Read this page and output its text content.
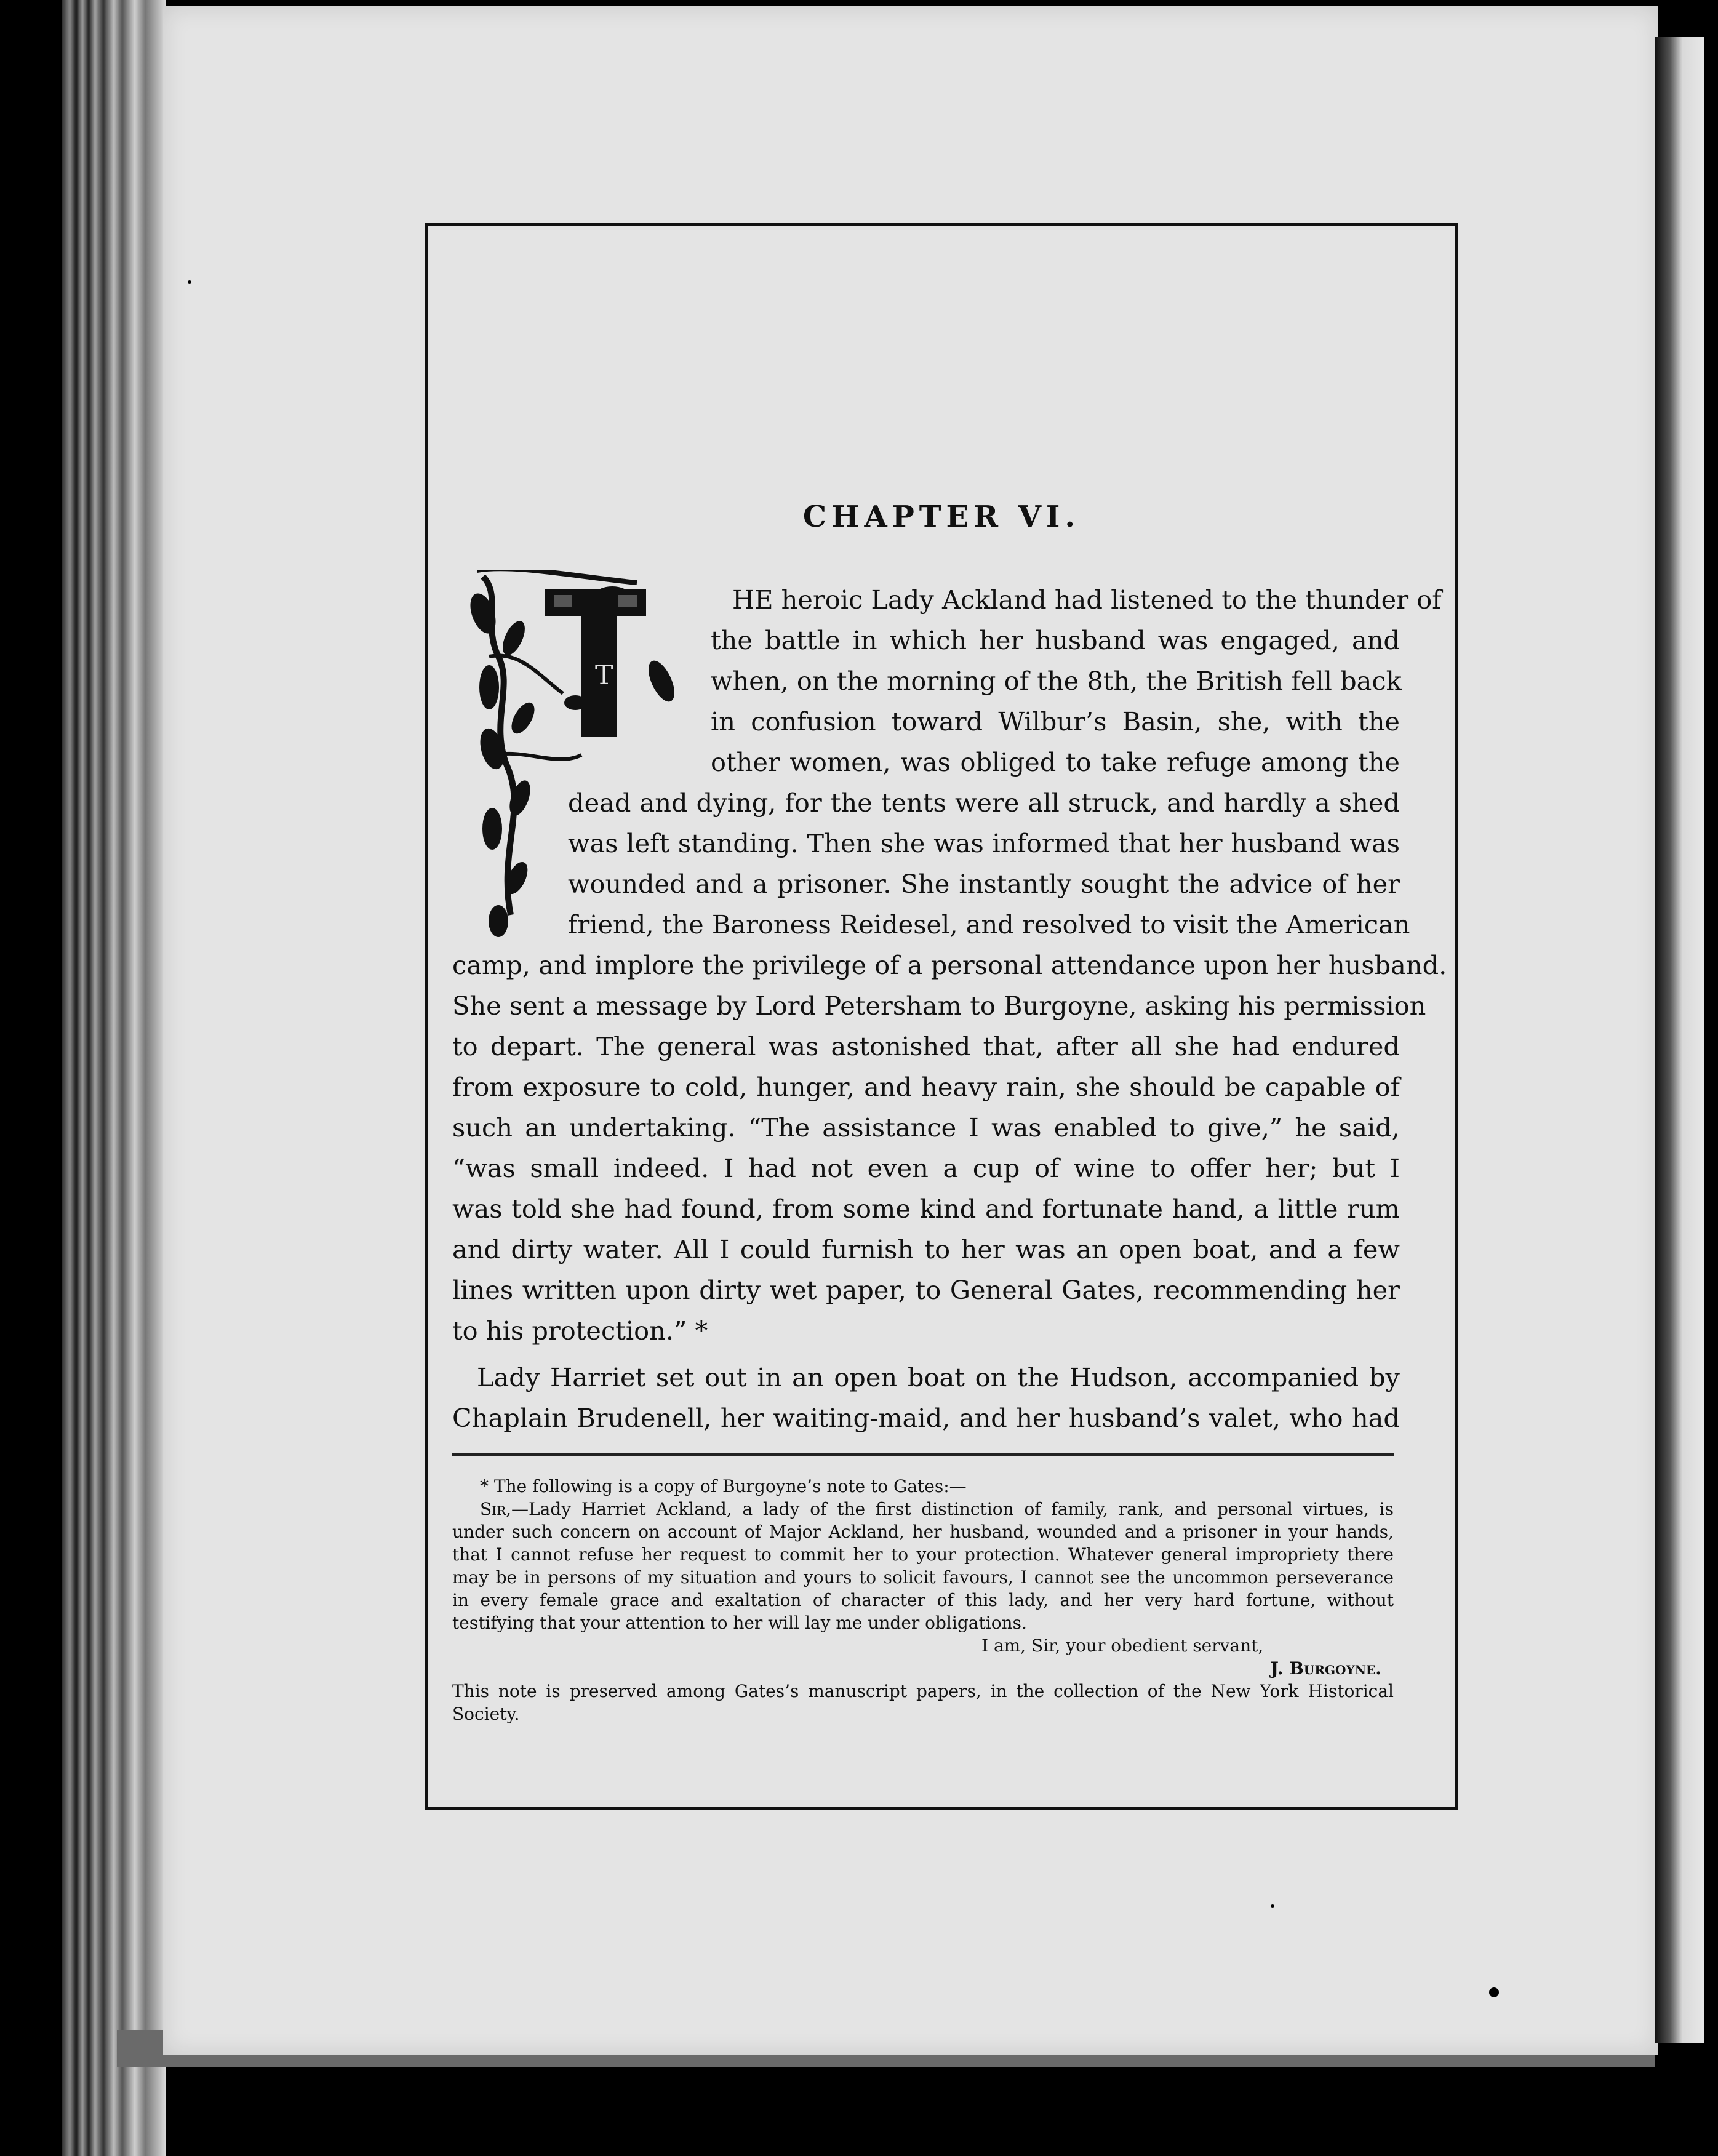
CHAPTER VI.
T
HE heroic Lady Ackland had listened to the thunder of
the battle in which her husband was engaged, and
when, on the morning of the 8th, the British fell back
in confusion toward Wilbur’s Basin, she, with the
other women, was obliged to take refuge among the
dead and dying, for the tents were all struck, and hardly a shed
was left standing. Then she was informed that her husband was
wounded and a prisoner. She instantly sought the advice of her
friend, the Baroness Reidesel, and resolved to visit the American
camp, and implore the privilege of a personal attendance upon her husband.
She sent a message by Lord Petersham to Burgoyne, asking his permission
to depart. The general was astonished that, after all she had endured
from exposure to cold, hunger, and heavy rain, she should be capable of
such an undertaking. “The assistance I was enabled to give,” he said,
“was small indeed. I had not even a cup of wine to offer her; but I
was told she had found, from some kind and fortunate hand, a little rum
and dirty water. All I could furnish to her was an open boat, and a few
lines written upon dirty wet paper, to General Gates, recommending her
to his protection.” *
Lady Harriet set out in an open boat on the Hudson, accompanied by
Chaplain Brudenell, her waiting-maid, and her husband’s valet, who had
* The following is a copy of Burgoyne’s note to Gates:—
Sir,—Lady Harriet Ackland, a lady of the first distinction of family, rank, and personal virtues, is
under such concern on account of Major Ackland, her husband, wounded and a prisoner in your hands,
that I cannot refuse her request to commit her to your protection. Whatever general impropriety there
may be in persons of my situation and yours to solicit favours, I cannot see the uncommon perseverance
in every female grace and exaltation of character of this lady, and her very hard fortune, without
testifying that your attention to her will lay me under obligations.
I am, Sir, your obedient servant,
J. Burgoyne.
This note is preserved among Gates’s manuscript papers, in the collection of the New York Historical
Society.
